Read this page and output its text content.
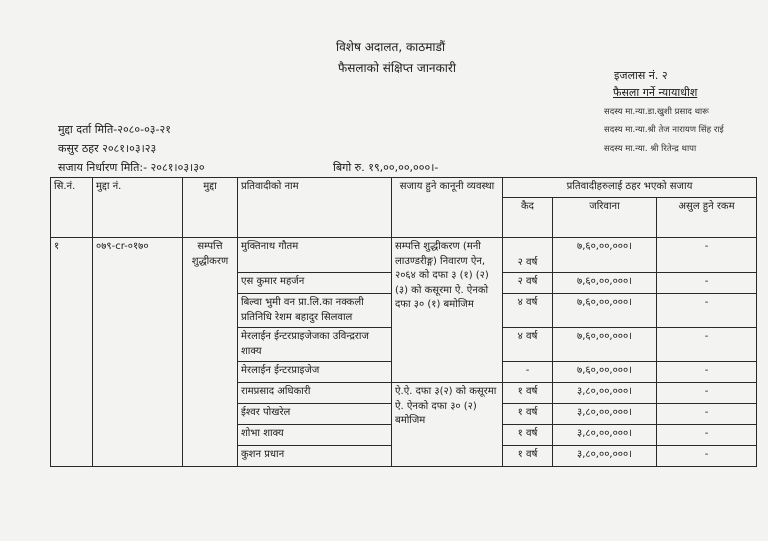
विशेष अदालत, काठमाडौं
फैसलाको संक्षिप्त जानकारी
इजलास नं. २
फैसला गर्ने न्यायाधीश
सदस्य मा.न्या.डा.खुशी प्रसाद थारू
सदस्य मा.न्या.श्री तेज नारायण सिंह राई
सदस्य मा.न्या. श्री रितेन्द्र थापा
मुद्दा दर्ता मिति-२०८०-०३-२१
कसुर ठहर २०८१।०३।२३
सजाय निर्धारण मिति:- २०८१।०३।३०	बिगो रु. १९,००,००,०००।-
सि.नं.	मुद्दा नं.	मुद्दा	प्रतिवादीको नाम	सजाय हुने कानूनी व्यवस्था	प्रतिवादीहरुलाई ठहर भएको सजाय		
					कैद	जरिवाना	असुल हुने रकम
१	०७९-cr-०१७०	सम्पत्ति शुद्धीकरण	मुक्तिनाथ गौतम	सम्पत्ति शुद्धीकरण (मनी लाउण्डरीङ्ग) निवारण ऐन, २०६४ को दफा ३ (१) (२) (३) को कसूरमा ऐ. ऐनको दफा ३० (१) बमोजिम	२ वर्ष	७,६०,००,०००।	-
			एस कुमार महर्जन		२ वर्ष	७,६०,००,०००।	-
			बिल्वा भुमी वन प्रा.लि.का नक्कली प्रतिनिधि रेशम बहादुर सिलवाल		४ वर्ष	७,६०,००,०००।	-
			मेरलाईन ईन्टरप्राइजेजका उविन्द्रराज शाक्य		४ वर्ष	७,६०,००,०००।	-
			मेरलाईन ईन्टरप्राइजेज		-	७,६०,००,०००।	-
			रामप्रसाद अधिकारी	ऐ.ऐ. दफा ३(२) को कसूरमा ऐ. ऐनको दफा ३० (२) बमोजिम	१ वर्ष	३,८०,००,०००।	-
			ईश्वर पोखरेल		१ वर्ष	३,८०,००,०००।	-
			शोभा शाक्य		१ वर्ष	३,८०,००,०००।	-
			कुशन प्रधान		१ वर्ष	३,८०,००,०००।	-
